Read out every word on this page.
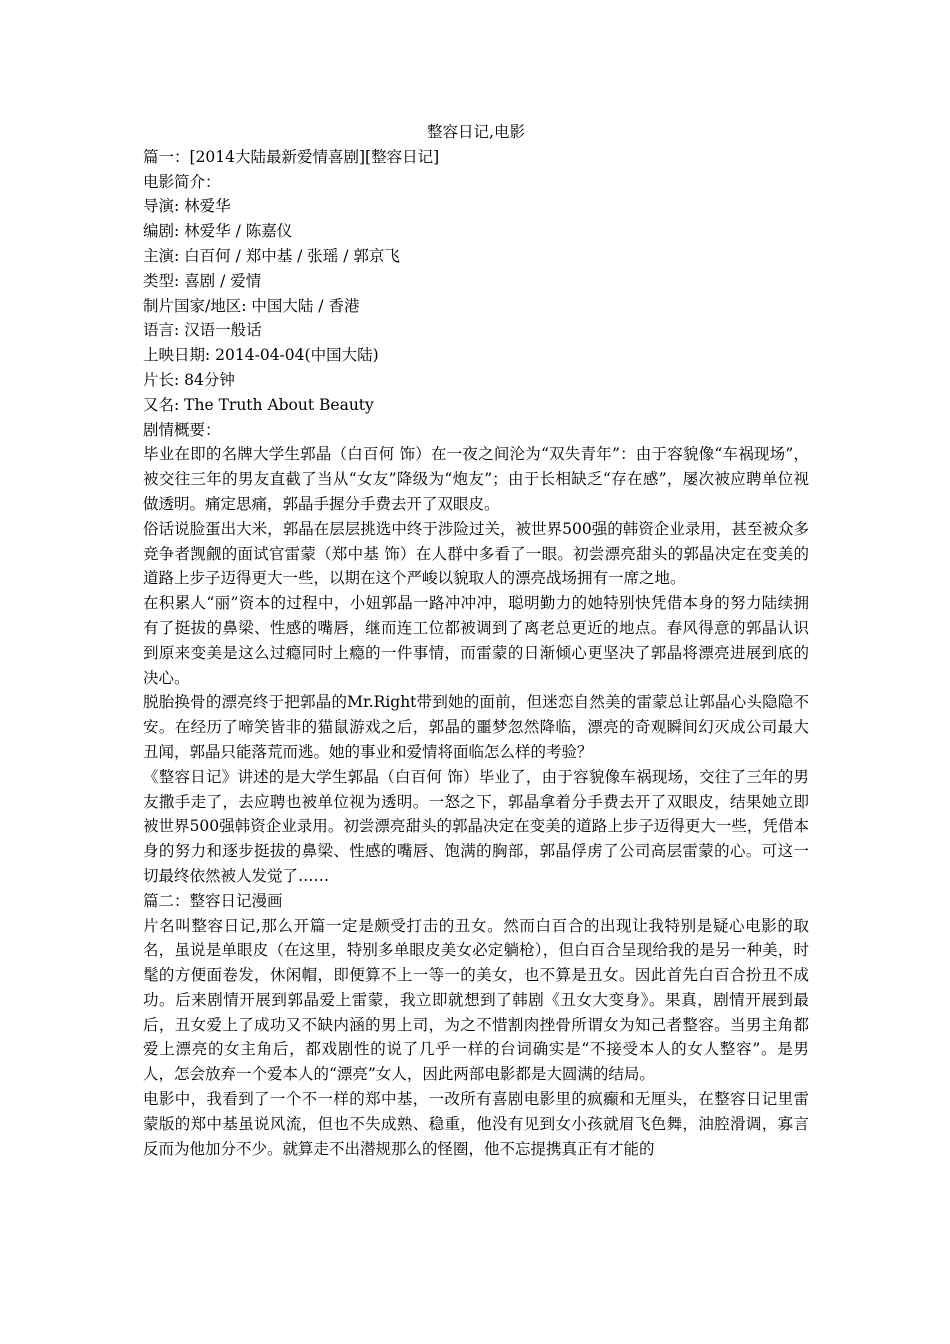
整容日记,电影

篇一：[2014大陆最新爱情喜剧][整容日记]

电影简介：

导演: 林爱华

编剧: 林爱华 / 陈嘉仪

主演: 白百何 / 郑中基 / 张瑶 / 郭京飞

类型: 喜剧 / 爱情

制片国家/地区: 中国大陆 / 香港

语言: 汉语一般话

上映日期: 2014-04-04(中国大陆)

片长: 84分钟

又名: The Truth About Beauty

剧情概要：

毕业在即的名牌大学生郭晶（白百何 饰）在一夜之间沦为“双失青年”：由于容貌像“车祸现场”，被交往三年的男友直截了当从“女友”降级为“炮友”；由于长相缺乏“存在感”，屡次被应聘单位视做透明。痛定思痛，郭晶手握分手费去开了双眼皮。

俗话说脸蛋出大米，郭晶在层层挑选中终于涉险过关，被世界500强的韩资企业录用，甚至被众多竞争者觊觎的面试官雷蒙（郑中基 饰）在人群中多看了一眼。初尝漂亮甜头的郭晶决定在变美的道路上步子迈得更大一些，以期在这个严峻以貌取人的漂亮战场拥有一席之地。

在积累人“丽”资本的过程中，小妞郭晶一路冲冲冲，聪明勤力的她特别快凭借本身的努力陆续拥有了挺拔的鼻梁、性感的嘴唇，继而连工位都被调到了离老总更近的地点。春风得意的郭晶认识到原来变美是这么过瘾同时上瘾的一件事情，而雷蒙的日渐倾心更坚决了郭晶将漂亮进展到底的决心。

脱胎换骨的漂亮终于把郭晶的Mr.Right带到她的面前，但迷恋自然美的雷蒙总让郭晶心头隐隐不安。在经历了啼笑皆非的猫鼠游戏之后，郭晶的噩梦忽然降临，漂亮的奇观瞬间幻灭成公司最大丑闻，郭晶只能落荒而逃。她的事业和爱情将面临怎么样的考验？

《整容日记》讲述的是大学生郭晶（白百何 饰）毕业了，由于容貌像车祸现场，交往了三年的男友撒手走了，去应聘也被单位视为透明。一怒之下，郭晶拿着分手费去开了双眼皮，结果她立即被世界500强韩资企业录用。初尝漂亮甜头的郭晶决定在变美的道路上步子迈得更大一些，凭借本身的努力和逐步挺拔的鼻梁、性感的嘴唇、饱满的胸部，郭晶俘虏了公司高层雷蒙的心。可这一切最终依然被人发觉了……

篇二：整容日记漫画

片名叫整容日记,那么开篇一定是颇受打击的丑女。然而白百合的出现让我特别是疑心电影的取名，虽说是单眼皮（在这里，特别多单眼皮美女必定躺枪），但白百合呈现给我的是另一种美，时髦的方便面卷发，休闲帽，即便算不上一等一的美女，也不算是丑女。因此首先白百合扮丑不成功。后来剧情开展到郭晶爱上雷蒙，我立即就想到了韩剧《丑女大变身》。果真，剧情开展到最后，丑女爱上了成功又不缺内涵的男上司，为之不惜割肉挫骨所谓女为知己者整容。当男主角都爱上漂亮的女主角后，都戏剧性的说了几乎一样的台词确实是“不接受本人的女人整容”。是男人，怎会放弃一个爱本人的“漂亮”女人，因此两部电影都是大圆满的结局。

电影中，我看到了一个不一样的郑中基，一改所有喜剧电影里的疯癫和无厘头，在整容日记里雷蒙版的郑中基虽说风流，但也不失成熟、稳重，他没有见到女小孩就眉飞色舞，油腔滑调，寡言反而为他加分不少。就算走不出潜规那么的怪圈，他不忘提携真正有才能的
